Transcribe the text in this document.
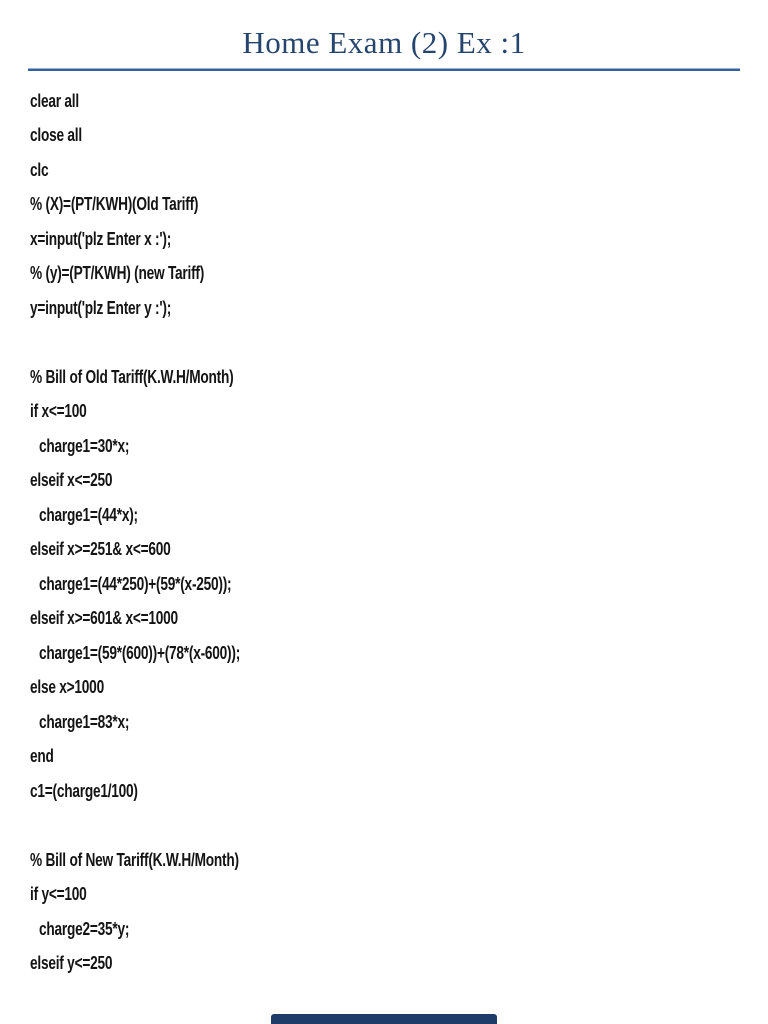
Home Exam (2) Ex :1
clear all
close all
clc
% (X)=(PT/KWH)(Old Tariff)
x=input('plz Enter x :');
% (y)=(PT/KWH) (new Tariff)
y=input('plz Enter y :');
% Bill of Old Tariff(K.W.H/Month)
if x<=100
charge1=30*x;
elseif x<=250
charge1=(44*x);
elseif x>=251& x<=600
charge1=(44*250)+(59*(x-250));
elseif x>=601& x<=1000
charge1=(59*(600))+(78*(x-600));
else x>1000
charge1=83*x;
end
c1=(charge1/100)
% Bill of New Tariff(K.W.H/Month)
if y<=100
charge2=35*y;
elseif y<=250
